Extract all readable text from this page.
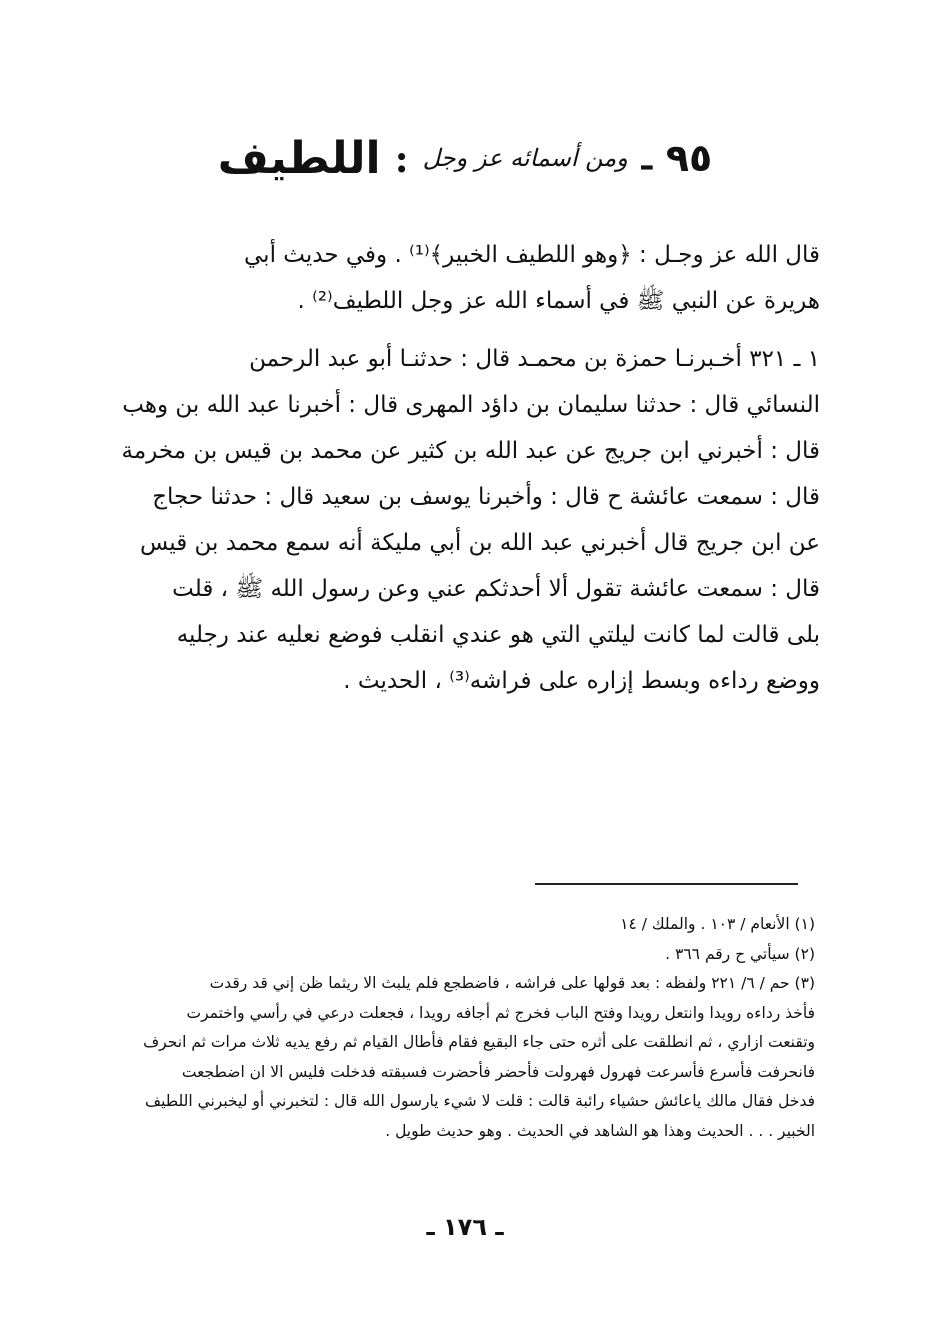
٩٥
ـ
ومن أسمائه عز وجل
:
اللطيف
قال الله عز وجـل : ﴿وهو اللطيف الخبير﴾⁽¹⁾ . وفي حديث أبي
هريرة عن النبي ﷺ في أسماء الله عز وجل اللطيف⁽²⁾ .
١ ـ ٣٢١ أخـبرنـا حمزة بن محمـد قال : حدثنـا أبو عبد الرحمن
النسائي قال : حدثنا سليمان بن داؤد المهرى قال : أخبرنا عبد الله بن وهب
قال : أخبرني ابن جريج عن عبد الله بن كثير عن محمد بن قيس بن مخرمة
قال : سمعت عائشة ح قال : وأخبرنا يوسف بن سعيد قال : حدثنا حجاج
عن ابن جريج قال أخبرني عبد الله بن أبي مليكة أنه سمع محمد بن قيس
قال : سمعت عائشة تقول ألا أحدثكم عني وعن رسول الله ﷺ ، قلت
بلى قالت لما كانت ليلتي التي هو عندي انقلب فوضع نعليه عند رجليه
ووضع رداءه وبسط إزاره على فراشه⁽³⁾ ، الحديث .
(١) الأنعام / ١٠٣ . والملك / ١٤
(٢) سيأتي ح رقم ٣٦٦ .
(٣) حم / ٦/ ٢٢١ ولفظه : بعد قولها على فراشه ، فاضطجع فلم يلبث الا ريثما ظن إني قد رقدت
فأخذ رداءه رويدا وانتعل رويدا وفتح الباب فخرج ثم أجافه رويدا ، فجعلت درعي في رأسي واختمرت
وتقنعت ازاري ، ثم انطلقت على أثره حتى جاء البقيع فقام فأطال القيام ثم رفع يديه ثلاث مرات ثم انحرف
فانحرفت فأسرع فأسرعت فهرول فهرولت فأحضر فأحضرت فسبقته فدخلت فليس الا ان اضطجعت
فدخل فقال مالك ياعائش حشياء رائبة قالت : قلت لا شيء يارسول الله قال : لتخبرني أو ليخبرني اللطيف
الخبير . . . الحديث وهذا هو الشاهد في الحديث . وهو حديث طويل .
ـ ١٧٦ ـ
